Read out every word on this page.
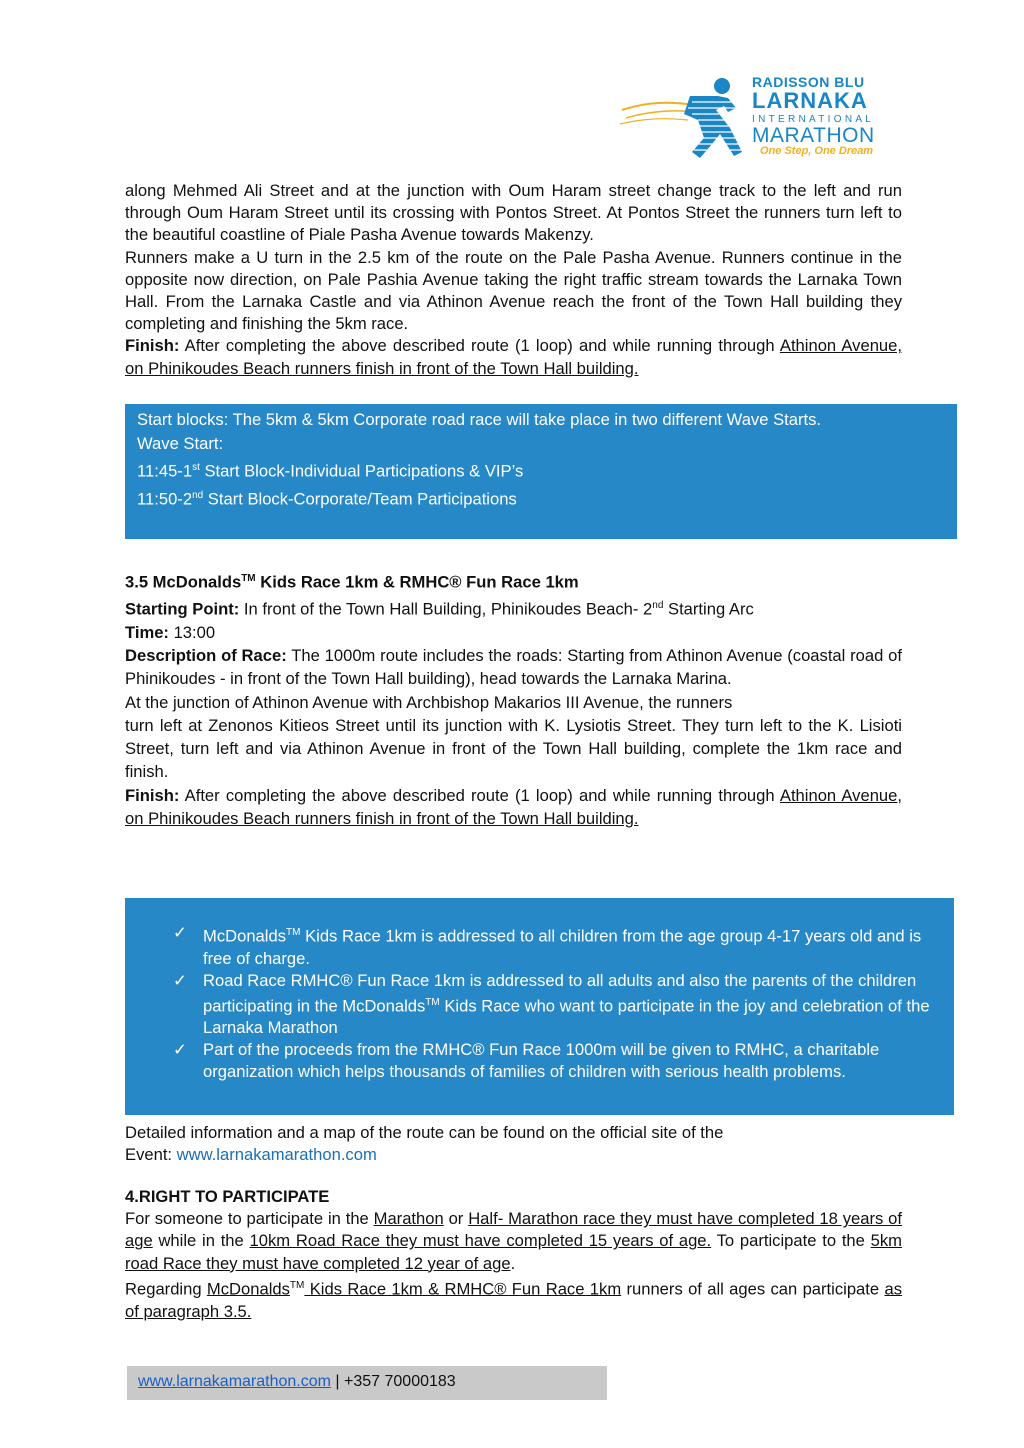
RADISSON BLU
LARNAKA
INTERNATIONAL
MARATHON
One Step, One Dream

along Mehmed Ali Street and at the junction with Oum Haram street change track to the left and run through Oum Haram Street until its crossing with Pontos Street. At Pontos Street the runners turn left to the beautiful coastline of Piale Pasha Avenue towards Makenzy.

Runners make a U turn in the 2.5 km of the route on the Pale Pasha Avenue. Runners continue in the opposite now direction, on Pale Pashia Avenue taking the right traffic stream towards the Larnaka Town Hall. From the Larnaka Castle and via Athinon Avenue reach the front of the Town Hall building they completing and finishing the 5km race.

Finish: After completing the above described route (1 loop) and while running through Athinon Avenue, on Phinikoudes Beach runners finish in front of the Town Hall building.

Start blocks: The 5km & 5km Corporate road race will take place in two different Wave Starts.
Wave Start:
11:45-1st Start Block-Individual Participations & VIP’s
11:50-2nd Start Block-Corporate/Team Participations

3.5 McDonalds™ Kids Race 1km & RMHC® Fun Race 1km

Starting Point: In front of the Town Hall Building, Phinikoudes Beach- 2nd Starting Arc

Time: 13:00

Description of Race: The 1000m route includes the roads: Starting from Athinon Avenue (coastal road of Phinikoudes - in front of the Town Hall building), head towards the Larnaka Marina.

At the junction of Athinon Avenue with Archbishop Makarios III Avenue, the runners

turn left at Zenonos Kitieos Street until its junction with K. Lysiotis Street. They turn left to the K. Lisioti Street, turn left and via Athinon Avenue in front of the Town Hall building, complete the 1km race and finish.

Finish: After completing the above described route (1 loop) and while running through Athinon Avenue, on Phinikoudes Beach runners finish in front of the Town Hall building.

✓ McDonalds™ Kids Race 1km is addressed to all children from the age group 4-17 years old and is free of charge.
✓ Road Race RMHC® Fun Race 1km is addressed to all adults and also the parents of the children participating in the McDonalds™ Kids Race who want to participate in the joy and celebration of the Larnaka Marathon
✓ Part of the proceeds from the RMHC® Fun Race 1000m will be given to RMHC, a charitable organization which helps thousands of families of children with serious health problems.

Detailed information and a map of the route can be found on the official site of the

Event: www.larnakamarathon.com

4.RIGHT TO PARTICIPATE

For someone to participate in the Marathon or Half- Marathon race they must have completed 18 years of age while in the 10km Road Race they must have completed 15 years of age. To participate to the 5km road Race they must have completed 12 year of age.

Regarding McDonalds™ Kids Race 1km & RMHC® Fun Race 1km runners of all ages can participate as of paragraph 3.5.

www.larnakamarathon.com | +357 70000183
